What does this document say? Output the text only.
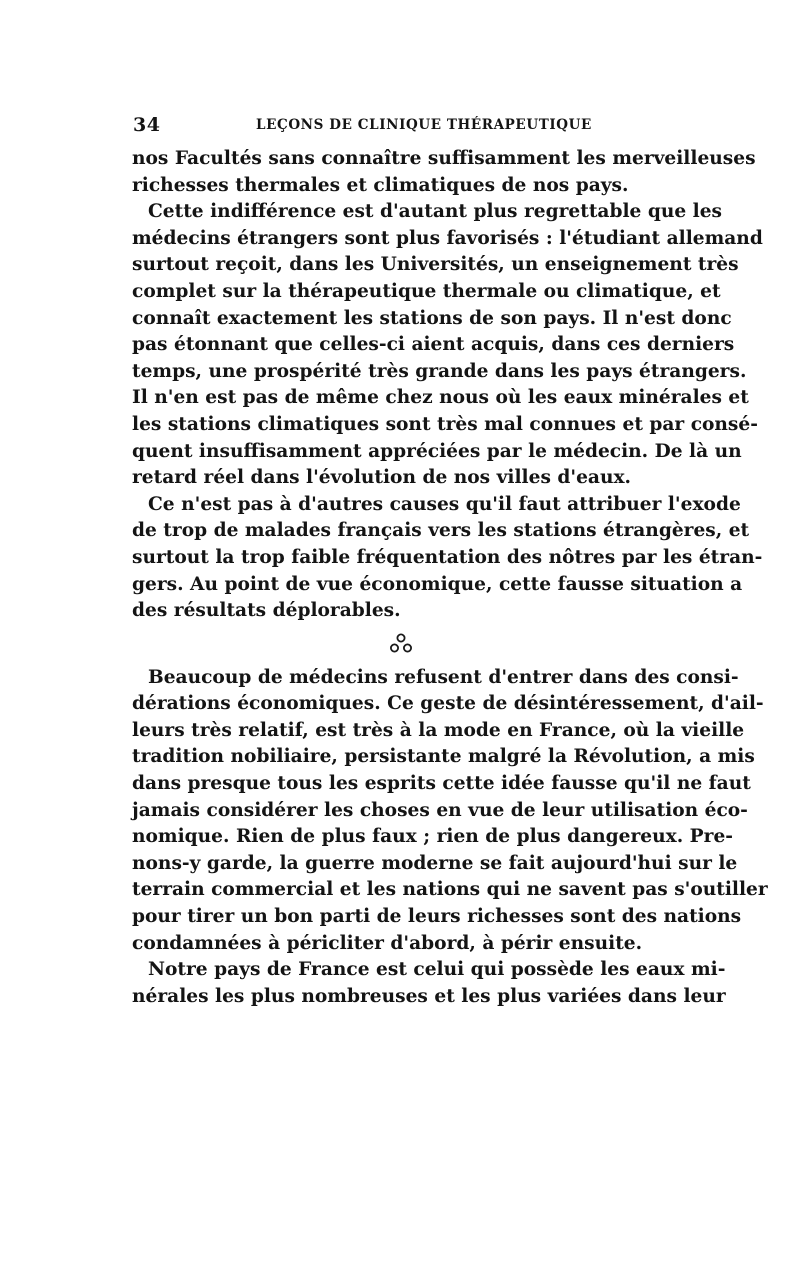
34	LEÇONS DE CLINIQUE THÉRAPEUTIQUE
nos Facultés sans connaître suffisamment les merveilleuses
richesses thermales et climatiques de nos pays.
Cette indifférence est d'autant plus regrettable que les
médecins étrangers sont plus favorisés : l'étudiant allemand
surtout reçoit, dans les Universités, un enseignement très
complet sur la thérapeutique thermale ou climatique, et
connaît exactement les stations de son pays. Il n'est donc
pas étonnant que celles-ci aient acquis, dans ces derniers
temps, une prospérité très grande dans les pays étrangers.
Il n'en est pas de même chez nous où les eaux minérales et
les stations climatiques sont très mal connues et par consé-
quent insuffisamment appréciées par le médecin. De là un
retard réel dans l'évolution de nos villes d'eaux.
Ce n'est pas à d'autres causes qu'il faut attribuer l'exode
de trop de malades français vers les stations étrangères, et
surtout la trop faible fréquentation des nôtres par les étran-
gers. Au point de vue économique, cette fausse situation a
des résultats déplorables.
Beaucoup de médecins refusent d'entrer dans des consi-
dérations économiques. Ce geste de désintéressement, d'ail-
leurs très relatif, est très à la mode en France, où la vieille
tradition nobiliaire, persistante malgré la Révolution, a mis
dans presque tous les esprits cette idée fausse qu'il ne faut
jamais considérer les choses en vue de leur utilisation éco-
nomique. Rien de plus faux ; rien de plus dangereux. Pre-
nons-y garde, la guerre moderne se fait aujourd'hui sur le
terrain commercial et les nations qui ne savent pas s'outiller
pour tirer un bon parti de leurs richesses sont des nations
condamnées à péricliter d'abord, à périr ensuite.
Notre pays de France est celui qui possède les eaux mi-
nérales les plus nombreuses et les plus variées dans leur
